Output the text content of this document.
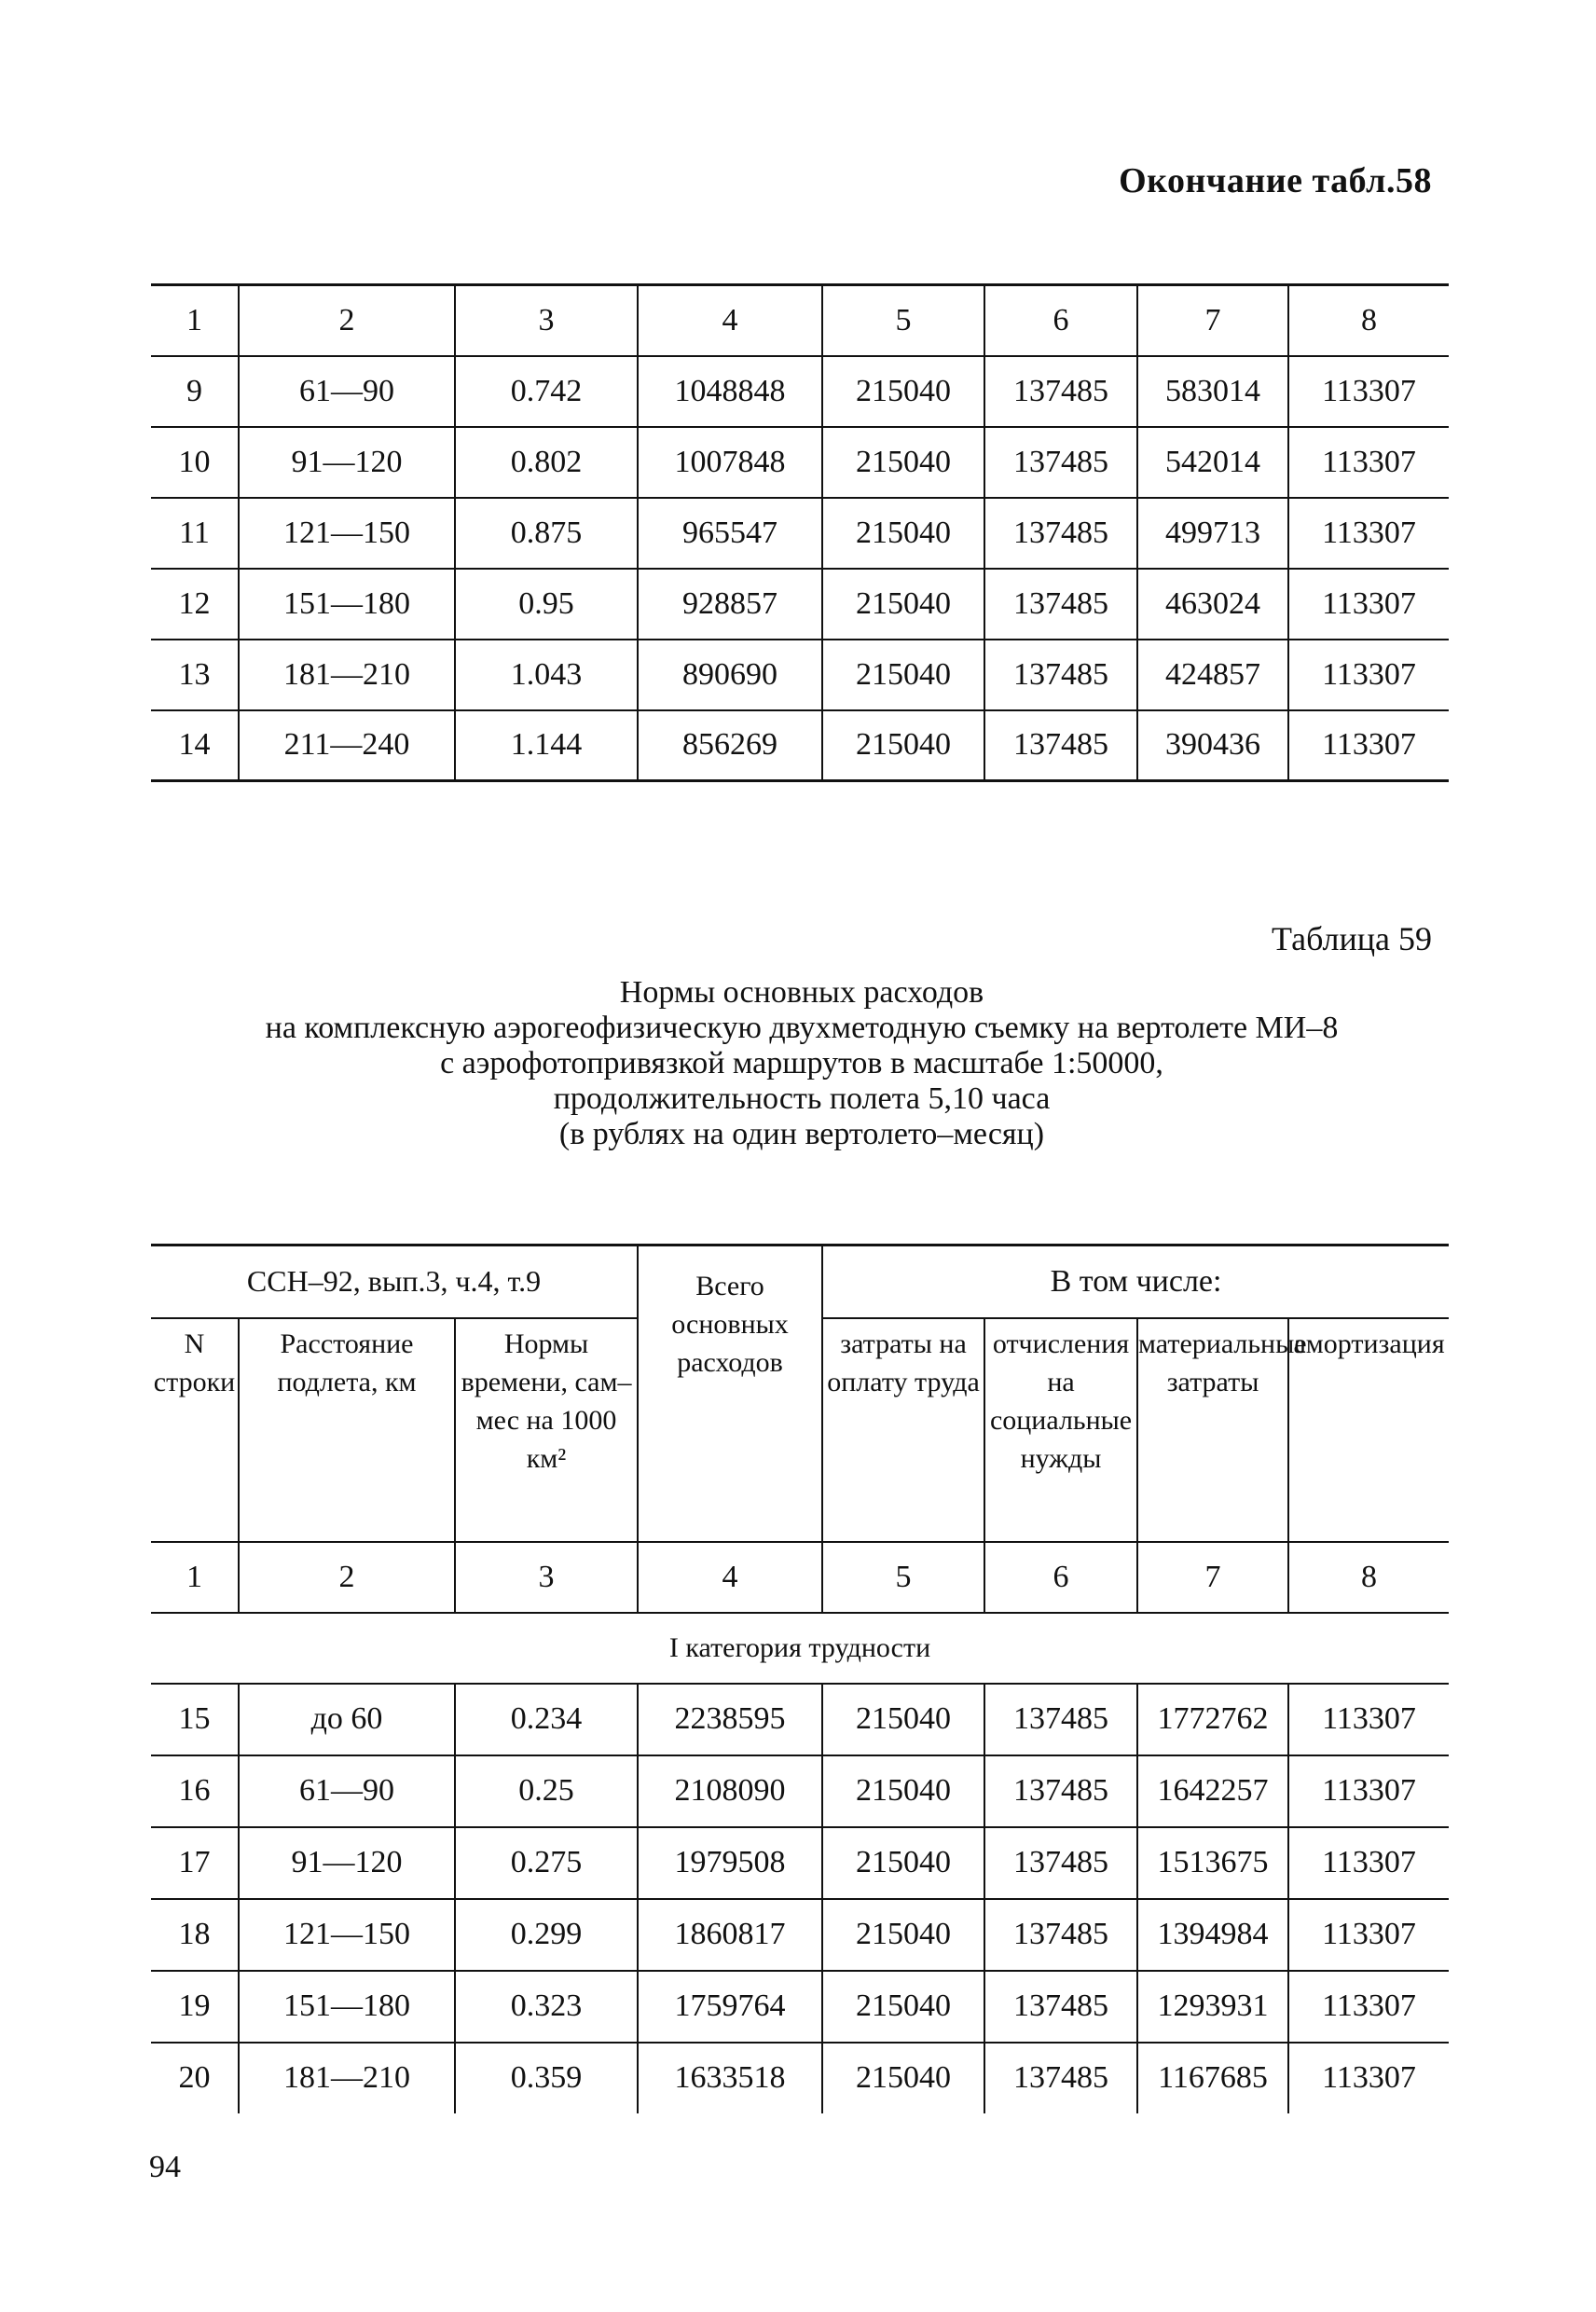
Окончание табл.58
1	2	3	4	5	6	7	8
9	61—90	0.742	1048848	215040	137485	583014	113307
10	91—120	0.802	1007848	215040	137485	542014	113307
11	121—150	0.875	965547	215040	137485	499713	113307
12	151—180	0.95	928857	215040	137485	463024	113307
13	181—210	1.043	890690	215040	137485	424857	113307
14	211—240	1.144	856269	215040	137485	390436	113307
Таблица 59
Нормы основных расходов
на комплексную аэрогеофизическую двухметодную съемку на вертолете МИ–8
с аэрофотопривязкой маршрутов в масштабе 1:50000,
продолжительность полета 5,10 часа
(в рублях на один вертолето–месяц)
ССН–92, вып.3, ч.4, т.9			Всего основных расходов	В том числе:			
N строки	Расстояние подлета, км	Нормы времени, сам–мес на 1000 км²		затраты на оплату труда	отчисления на социальные нужды	материальные затраты	амортизация
1	2	3	4	5	6	7	8
I категория трудности							
15	до 60	0.234	2238595	215040	137485	1772762	113307
16	61—90	0.25	2108090	215040	137485	1642257	113307
17	91—120	0.275	1979508	215040	137485	1513675	113307
18	121—150	0.299	1860817	215040	137485	1394984	113307
19	151—180	0.323	1759764	215040	137485	1293931	113307
20	181—210	0.359	1633518	215040	137485	1167685	113307
94
